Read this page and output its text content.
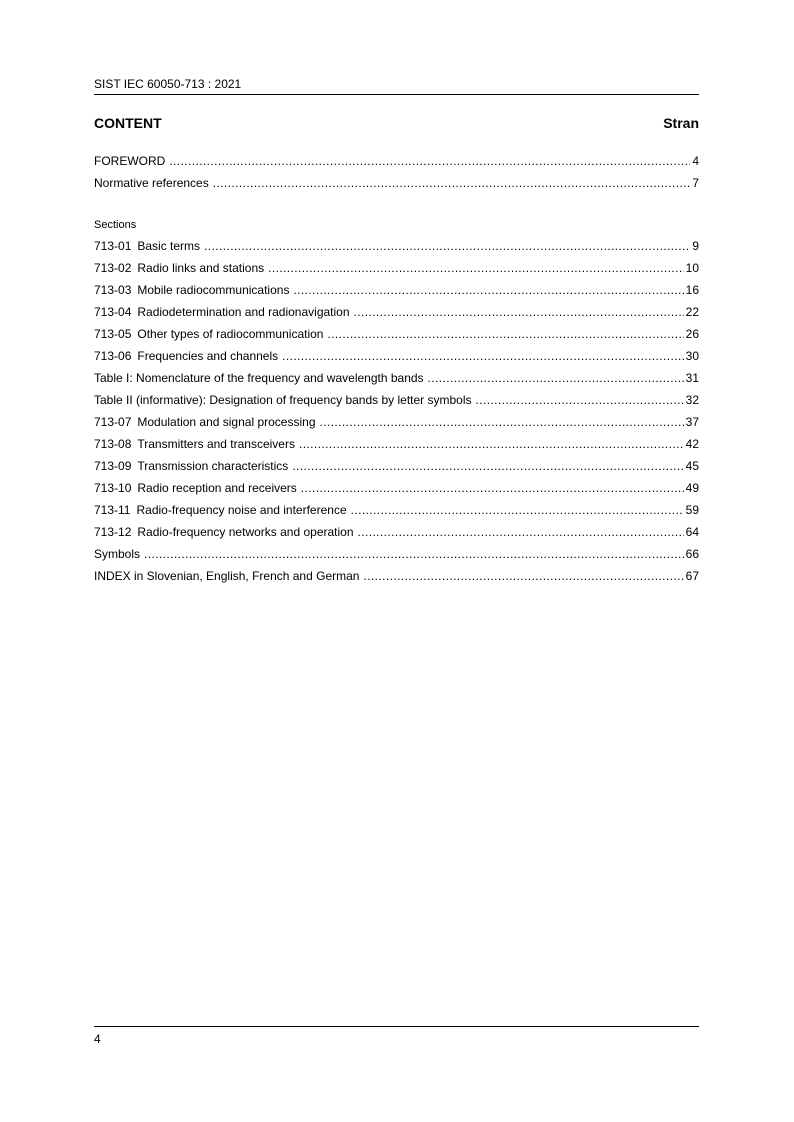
SIST IEC 60050-713 : 2021
CONTENT	Stran
FOREWORD .....	4
Normative references .....	7
Sections
713-01 Basic terms .....	9
713-02 Radio links and stations .....	10
713-03 Mobile radiocommunications .....	16
713-04 Radiodetermination and radionavigation .....	22
713-05 Other types of radiocommunication .....	26
713-06 Frequencies and channels .....	30
Table I: Nomenclature of the frequency and wavelength bands .....	31
Table II (informative): Designation of frequency bands by letter symbols .....	32
713-07 Modulation and signal processing .....	37
713-08 Transmitters and transceivers .....	42
713-09 Transmission characteristics .....	45
713-10 Radio reception and receivers .....	49
713-11 Radio-frequency noise and interference .....	59
713-12 Radio-frequency networks and operation .....	64
Symbols .....	66
INDEX in Slovenian, English, French and German .....	67
4
